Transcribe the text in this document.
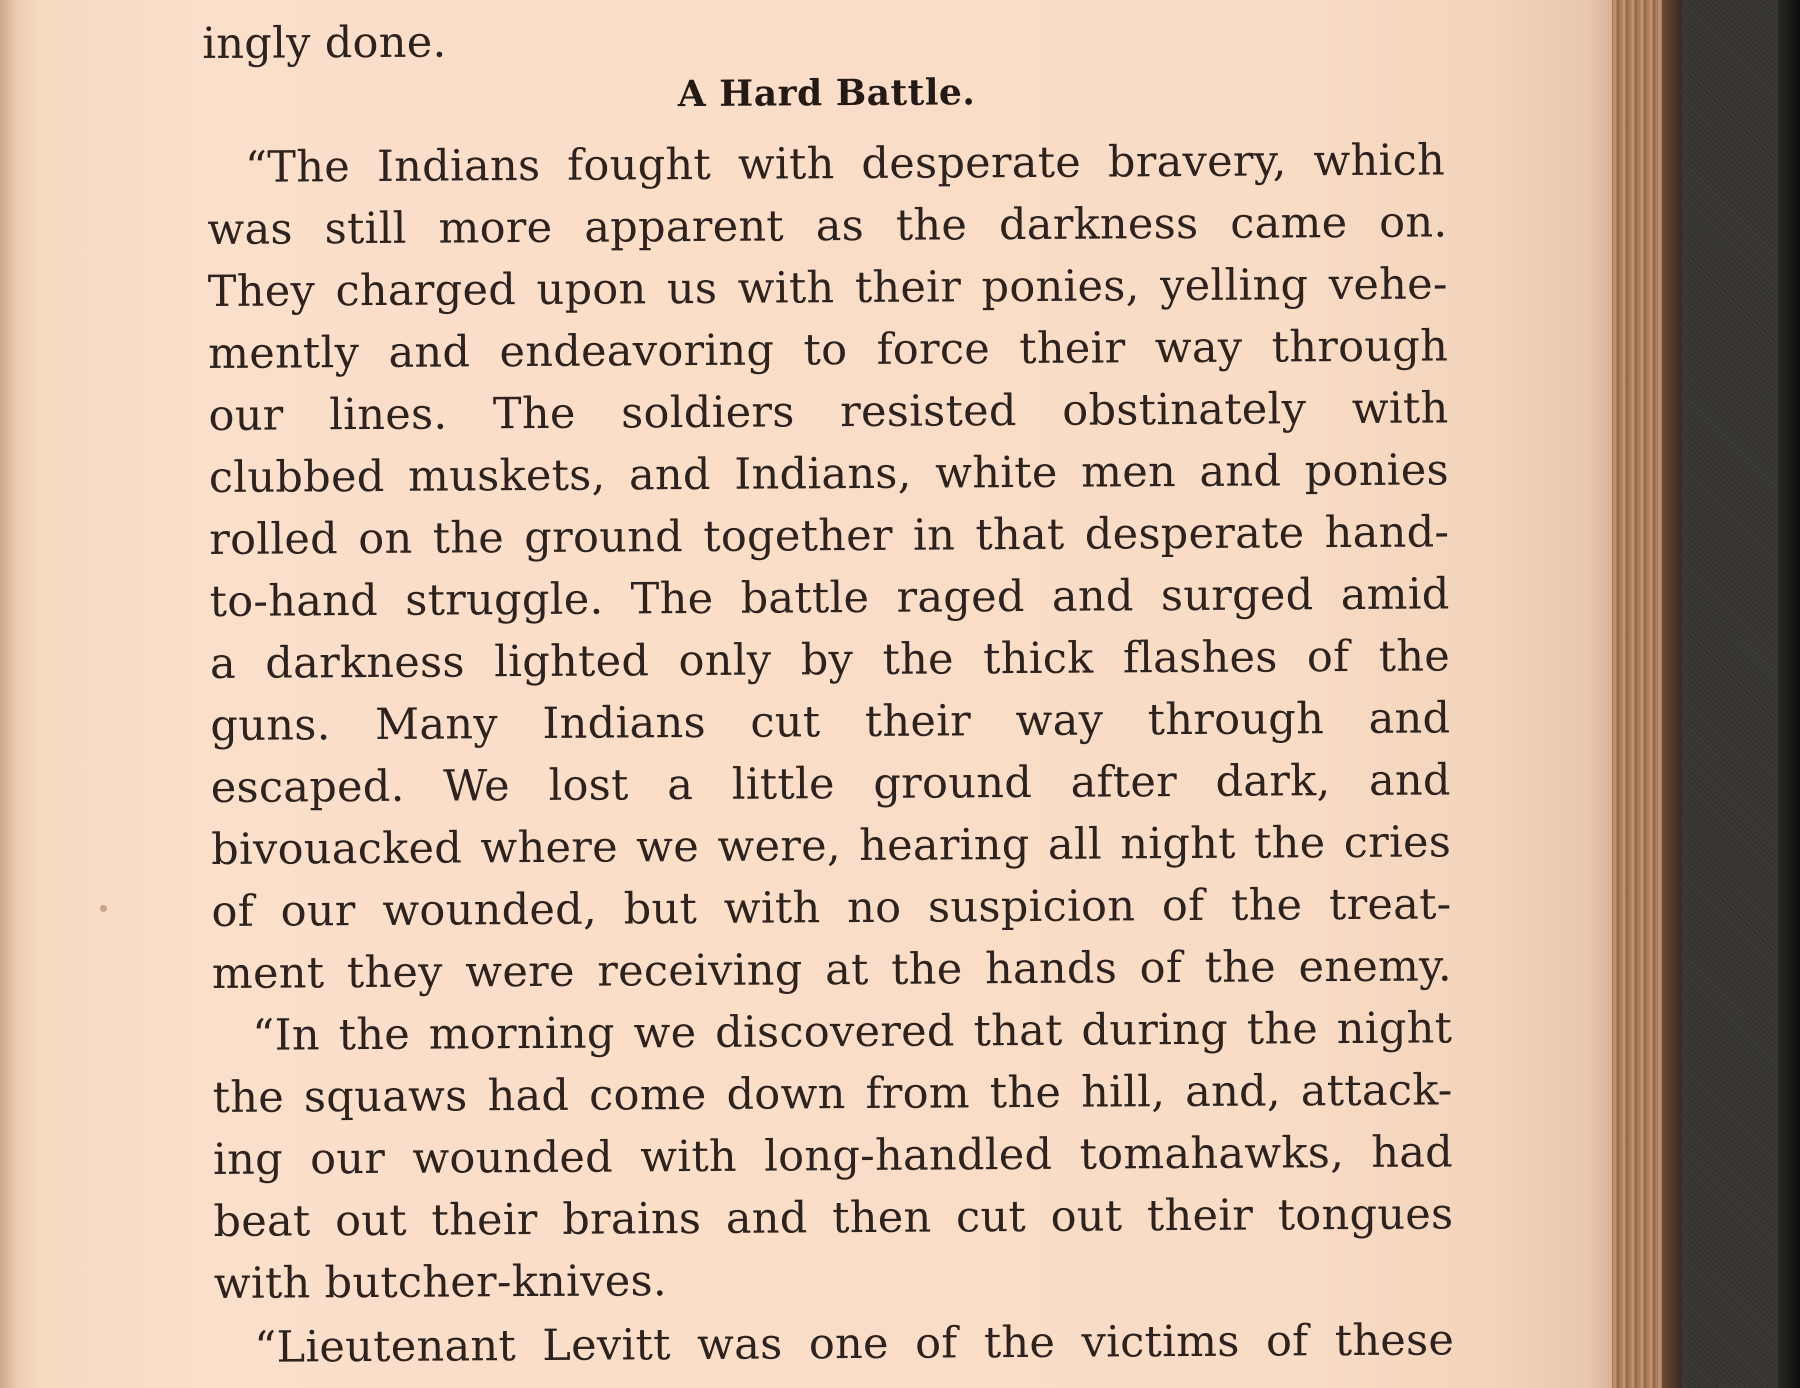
ingly done.
A Hard Battle.
“The Indians fought with desperate bravery, which
was still more apparent as the darkness came on.
They charged upon us with their ponies, yelling vehe-
mently and endeavoring to force their way through
our lines. The soldiers resisted obstinately with
clubbed muskets, and Indians, white men and ponies
rolled on the ground together in that desperate hand-
to-hand struggle. The battle raged and surged amid
a darkness lighted only by the thick flashes of the
guns. Many Indians cut their way through and
escaped. We lost a little ground after dark, and
bivouacked where we were, hearing all night the cries
of our wounded, but with no suspicion of the treat-
ment they were receiving at the hands of the enemy.
“In the morning we discovered that during the night
the squaws had come down from the hill, and, attack-
ing our wounded with long-handled tomahawks, had
beat out their brains and then cut out their tongues
with butcher-knives.
“Lieutenant Levitt was one of the victims of these
